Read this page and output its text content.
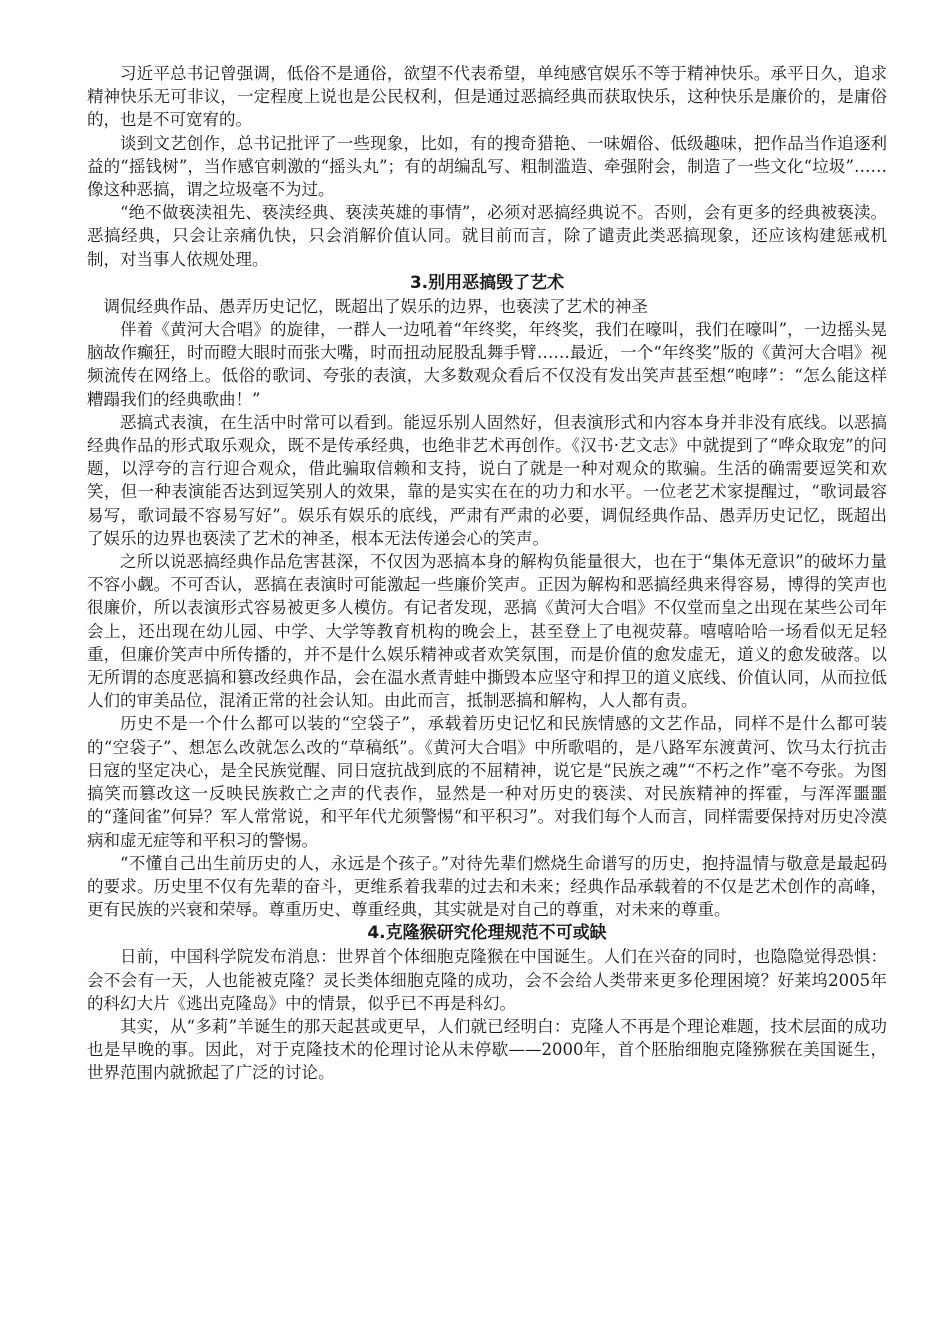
习近平总书记曾强调，低俗不是通俗，欲望不代表希望，单纯感官娱乐不等于精神快乐。承平日久，追求精神快乐无可非议，一定程度上说也是公民权利，但是通过恶搞经典而获取快乐，这种快乐是廉价的，是庸俗的，也是不可宽宥的。

谈到文艺创作，总书记批评了一些现象，比如，有的搜奇猎艳、一味媚俗、低级趣味，把作品当作追逐利益的“摇钱树”，当作感官刺激的“摇头丸”；有的胡编乱写、粗制滥造、牵强附会，制造了一些文化“垃圾”……像这种恶搞，谓之垃圾毫不为过。

“绝不做亵渎祖先、亵渎经典、亵渎英雄的事情”，必须对恶搞经典说不。否则，会有更多的经典被亵渎。恶搞经典，只会让亲痛仇快，只会消解价值认同。就目前而言，除了谴责此类恶搞现象，还应该构建惩戒机制，对当事人依规处理。

3.别用恶搞毁了艺术

调侃经典作品、愚弄历史记忆，既超出了娱乐的边界，也亵渎了艺术的神圣

伴着《黄河大合唱》的旋律，一群人一边吼着“年终奖，年终奖，我们在嚎叫，我们在嚎叫”，一边摇头晃脑故作癫狂，时而瞪大眼时而张大嘴，时而扭动屁股乱舞手臂……最近，一个“年终奖”版的《黄河大合唱》视频流传在网络上。低俗的歌词、夸张的表演，大多数观众看后不仅没有发出笑声甚至想“咆哮”：“怎么能这样糟蹋我们的经典歌曲！”

恶搞式表演，在生活中时常可以看到。能逗乐别人固然好，但表演形式和内容本身并非没有底线。以恶搞经典作品的形式取乐观众，既不是传承经典，也绝非艺术再创作。《汉书·艺文志》中就提到了“哗众取宠”的问题，以浮夸的言行迎合观众，借此骗取信赖和支持，说白了就是一种对观众的欺骗。生活的确需要逗笑和欢笑，但一种表演能否达到逗笑别人的效果，靠的是实实在在的功力和水平。一位老艺术家提醒过，“歌词最容易写，歌词最不容易写好”。娱乐有娱乐的底线，严肃有严肃的必要，调侃经典作品、愚弄历史记忆，既超出了娱乐的边界也亵渎了艺术的神圣，根本无法传递会心的笑声。

之所以说恶搞经典作品危害甚深，不仅因为恶搞本身的解构负能量很大，也在于“集体无意识”的破坏力量不容小觑。不可否认，恶搞在表演时可能激起一些廉价笑声。正因为解构和恶搞经典来得容易，博得的笑声也很廉价，所以表演形式容易被更多人模仿。有记者发现，恶搞《黄河大合唱》不仅堂而皇之出现在某些公司年会上，还出现在幼儿园、中学、大学等教育机构的晚会上，甚至登上了电视荧幕。嘻嘻哈哈一场看似无足轻重，但廉价笑声中所传播的，并不是什么娱乐精神或者欢笑氛围，而是价值的愈发虚无，道义的愈发破落。以无所谓的态度恶搞和篡改经典作品，会在温水煮青蛙中撕毁本应坚守和捍卫的道义底线、价值认同，从而拉低人们的审美品位，混淆正常的社会认知。由此而言，抵制恶搞和解构，人人都有责。

历史不是一个什么都可以装的“空袋子”，承载着历史记忆和民族情感的文艺作品，同样不是什么都可装的“空袋子”、想怎么改就怎么改的“草稿纸”。《黄河大合唱》中所歌唱的，是八路军东渡黄河、饮马太行抗击日寇的坚定决心，是全民族觉醒、同日寇抗战到底的不屈精神，说它是“民族之魂”“不朽之作”毫不夸张。为图搞笑而篡改这一反映民族救亡之声的代表作，显然是一种对历史的亵渎、对民族精神的挥霍，与浑浑噩噩的“蓬间雀”何异？军人常常说，和平年代尤须警惕“和平积习”。对我们每个人而言，同样需要保持对历史冷漠病和虚无症等和平积习的警惕。

“不懂自己出生前历史的人，永远是个孩子。”对待先辈们燃烧生命谱写的历史，抱持温情与敬意是最起码的要求。历史里不仅有先辈的奋斗，更维系着我辈的过去和未来；经典作品承载着的不仅是艺术创作的高峰，更有民族的兴衰和荣辱。尊重历史、尊重经典，其实就是对自己的尊重，对未来的尊重。

4.克隆猴研究伦理规范不可或缺

日前，中国科学院发布消息：世界首个体细胞克隆猴在中国诞生。人们在兴奋的同时，也隐隐觉得恐惧：会不会有一天，人也能被克隆？灵长类体细胞克隆的成功，会不会给人类带来更多伦理困境？好莱坞2005年的科幻大片《逃出克隆岛》中的情景，似乎已不再是科幻。

其实，从“多莉”羊诞生的那天起甚或更早，人们就已经明白：克隆人不再是个理论难题，技术层面的成功也是早晚的事。因此，对于克隆技术的伦理讨论从未停歇——2000年，首个胚胎细胞克隆猕猴在美国诞生，世界范围内就掀起了广泛的讨论。
